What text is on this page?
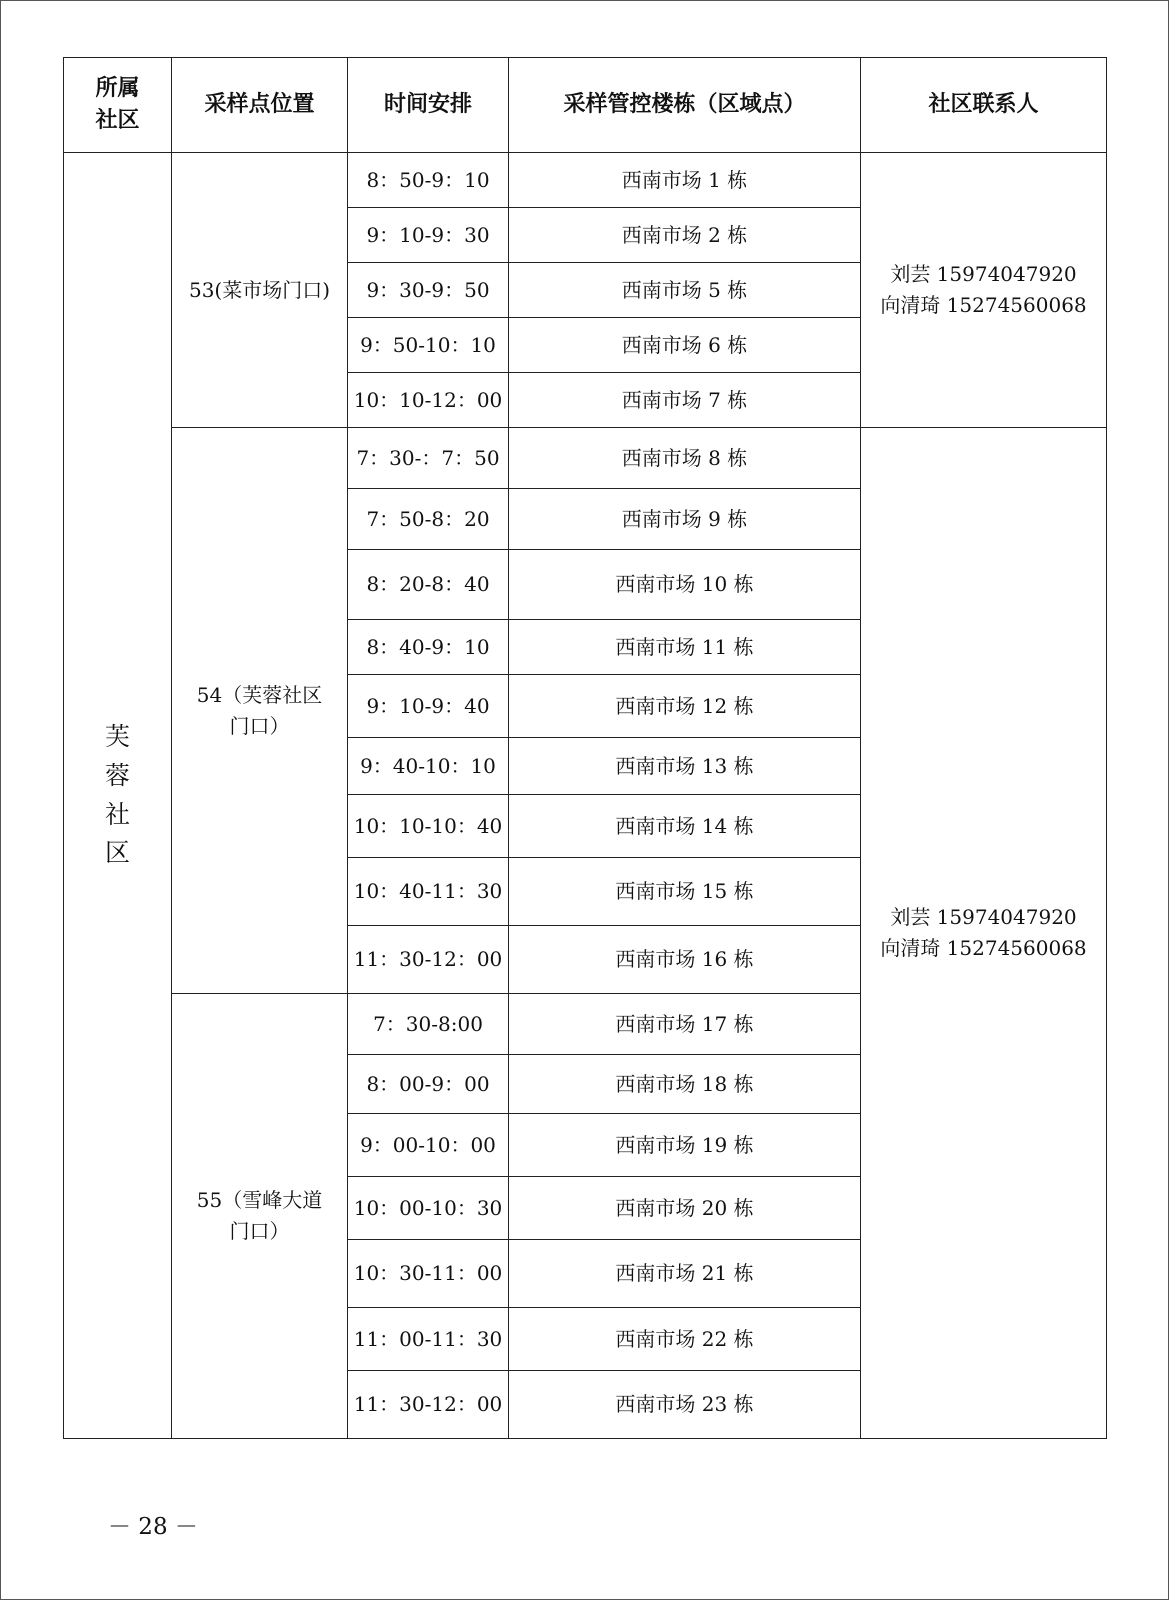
所属社区	采样点位置	时间安排	采样管控楼栋（区域点）	社区联系人
芙蓉社区	53(菜市场门口)	8：50-9：10	西南市场 1 栋	刘芸 15974047920
向清琦 15274560068

		9：10-9：30	西南市场 2 栋	
		9：30-9：50	西南市场 5 栋	
		9：50-10：10	西南市场 6 栋	
		10：10-12：00	西南市场 7 栋	
	54（芙蓉社区门口）	7：30-：7：50	西南市场 8 栋	刘芸 15974047920
向清琦 15274560068

		7：50-8：20	西南市场 9 栋	
		8：20-8：40	西南市场 10 栋	
		8：40-9：10	西南市场 11 栋	
		9：10-9：40	西南市场 12 栋	
		9：40-10：10	西南市场 13 栋	
		10：10-10：40	西南市场 14 栋	
		10：40-11：30	西南市场 15 栋	
		11：30-12：00	西南市场 16 栋	
	55（雪峰大道门口）	7：30-8:00	西南市场 17 栋	
		8：00-9：00	西南市场 18 栋	
		9：00-10：00	西南市场 19 栋	
		10：00-10：30	西南市场 20 栋	
		10：30-11：00	西南市场 21 栋	
		11：00-11：30	西南市场 22 栋	
		11：30-12：00	西南市场 23 栋	
－ 28 －
